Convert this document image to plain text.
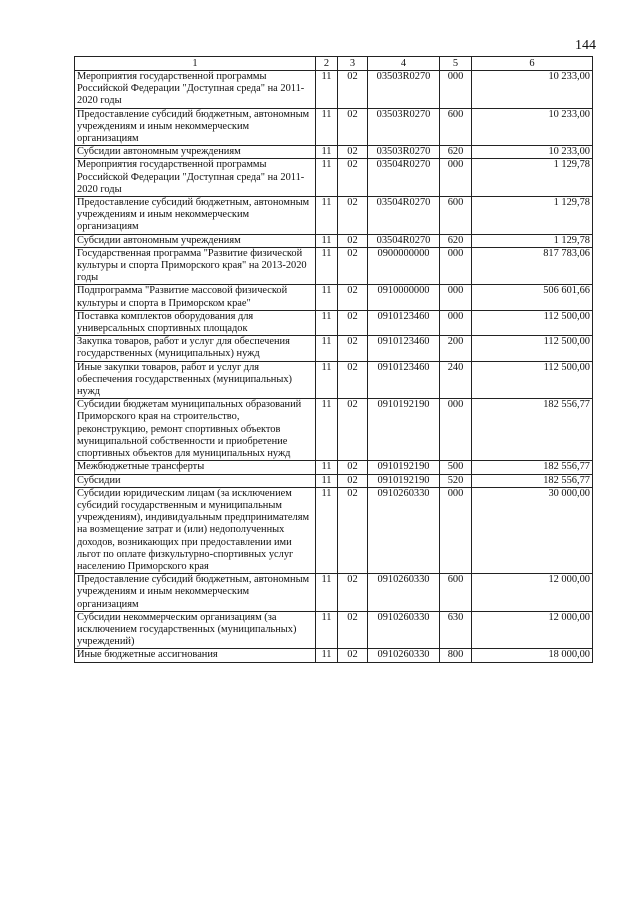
144
1	2	3	4	5	6
Мероприятия государственной программы Российской Федерации "Доступная среда" на 2011-2020 годы	11	02	03503R0270	000	10 233,00
Предоставление субсидий бюджетным, автономным учреждениям и иным некоммерческим организациям	11	02	03503R0270	600	10 233,00
Субсидии автономным учреждениям	11	02	03503R0270	620	10 233,00
Мероприятия государственной программы Российской Федерации "Доступная среда" на 2011-2020 годы	11	02	03504R0270	000	1 129,78
Предоставление субсидий бюджетным, автономным учреждениям и иным некоммерческим организациям	11	02	03504R0270	600	1 129,78
Субсидии автономным учреждениям	11	02	03504R0270	620	1 129,78
Государственная программа "Развитие физической культуры и спорта Приморского края" на 2013-2020 годы	11	02	0900000000	000	817 783,06
Подпрограмма "Развитие массовой физической культуры и спорта в Приморском крае"	11	02	0910000000	000	506 601,66
Поставка комплектов оборудования для универсальных спортивных площадок	11	02	0910123460	000	112 500,00
Закупка товаров, работ и услуг для обеспечения государственных (муниципальных) нужд	11	02	0910123460	200	112 500,00
Иные закупки товаров, работ и услуг для обеспечения государственных (муниципальных) нужд	11	02	0910123460	240	112 500,00
Субсидии бюджетам муниципальных образований Приморского края на строительство, реконструкцию, ремонт спортивных объектов муниципальной собственности и приобретение спортивных объектов для муниципальных нужд	11	02	0910192190	000	182 556,77
Межбюджетные трансферты	11	02	0910192190	500	182 556,77
Субсидии	11	02	0910192190	520	182 556,77
Субсидии юридическим лицам (за исключением субсидий государственным и муниципальным учреждениям), индивидуальным предпринимателям на возмещение затрат и (или) недополученных доходов, возникающих при предоставлении ими льгот по оплате физкультурно-спортивных услуг населению Приморского края	11	02	0910260330	000	30 000,00
Предоставление субсидий бюджетным, автономным учреждениям и иным некоммерческим организациям	11	02	0910260330	600	12 000,00
Субсидии некоммерческим организациям (за исключением государственных (муниципальных) учреждений)	11	02	0910260330	630	12 000,00
Иные бюджетные ассигнования	11	02	0910260330	800	18 000,00
